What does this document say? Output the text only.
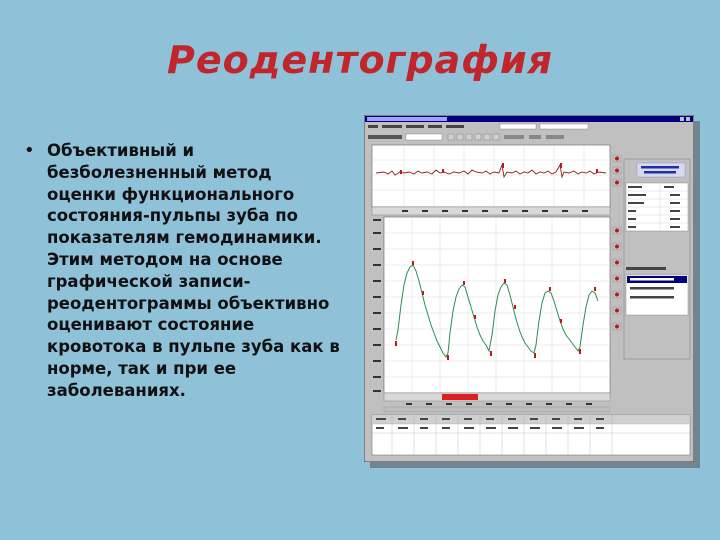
Реодентография
• Объективный и безболезненный метод оценки функционального состояния-пульпы зуба по показателям гемодинамики. Этим методом на основе графической записи-реодентограммы объективно оценивают состояние кровотока в пульпе зуба как в норме, так и при ее заболеваниях.
